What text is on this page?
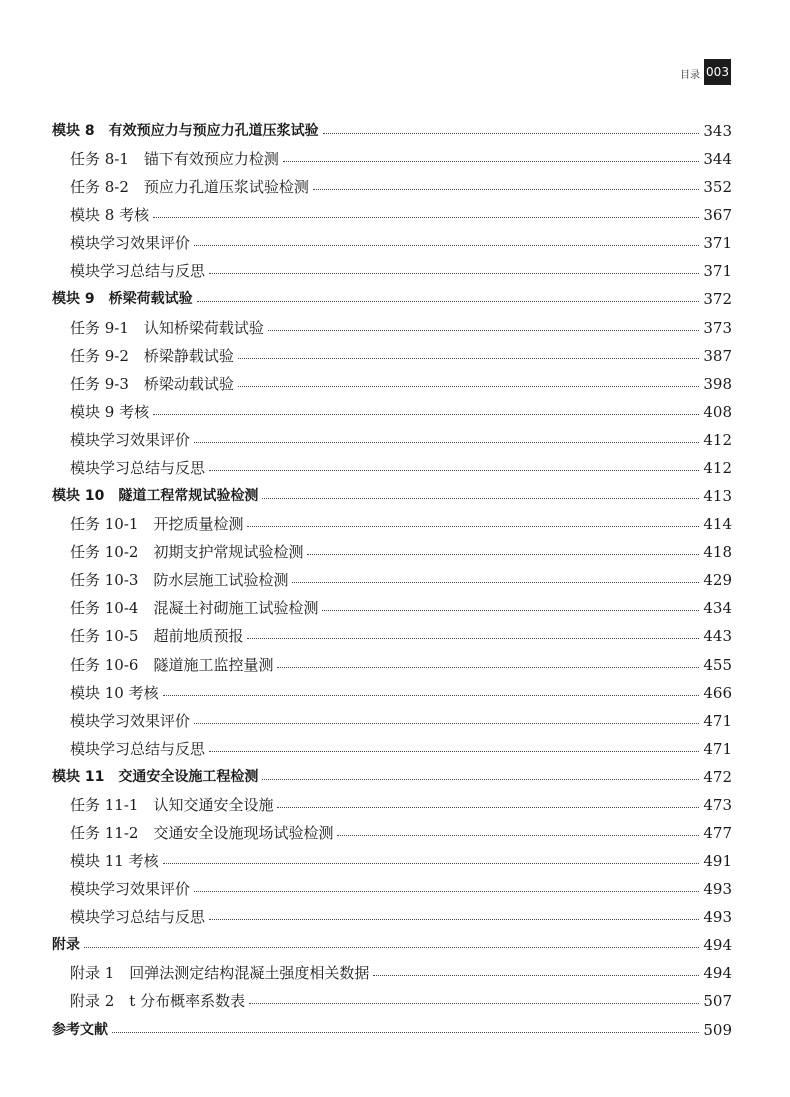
目录 003
模块 8　有效预应力与预应力孔道压浆试验	343
任务 8-1　锚下有效预应力检测	344
任务 8-2　预应力孔道压浆试验检测	352
模块 8 考核	367
模块学习效果评价	371
模块学习总结与反思	371
模块 9　桥梁荷载试验	372
任务 9-1　认知桥梁荷载试验	373
任务 9-2　桥梁静载试验	387
任务 9-3　桥梁动载试验	398
模块 9 考核	408
模块学习效果评价	412
模块学习总结与反思	412
模块 10　隧道工程常规试验检测	413
任务 10-1　开挖质量检测	414
任务 10-2　初期支护常规试验检测	418
任务 10-3　防水层施工试验检测	429
任务 10-4　混凝土衬砌施工试验检测	434
任务 10-5　超前地质预报	443
任务 10-6　隧道施工监控量测	455
模块 10 考核	466
模块学习效果评价	471
模块学习总结与反思	471
模块 11　交通安全设施工程检测	472
任务 11-1　认知交通安全设施	473
任务 11-2　交通安全设施现场试验检测	477
模块 11 考核	491
模块学习效果评价	493
模块学习总结与反思	493
附录	494
附录 1　回弹法测定结构混凝土强度相关数据	494
附录 2　t 分布概率系数表	507
参考文献	509
